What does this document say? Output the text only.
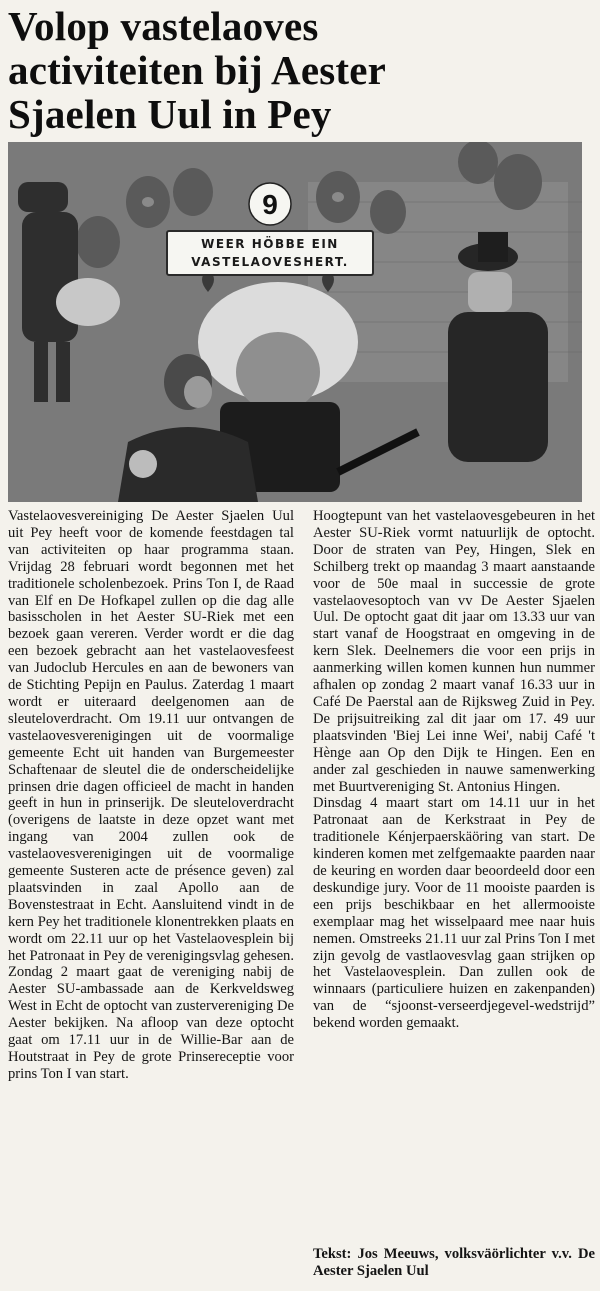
Volop vastelaoves
activiteiten bij Aester
Sjaelen Uul in Pey
9
WEER HÖBBE EIN
VASTELAOVESHERT.

Vastelaovesvereiniging De Aester Sjaelen Uul uit Pey heeft voor de komende feestdagen tal van activiteiten op haar programma staan. Vrijdag 28 februari wordt begonnen met het traditionele scholenbezoek. Prins Ton I, de Raad van Elf en De Hofkapel zullen op die dag alle basisscholen in het Aester SU-Riek met een bezoek gaan vereren. Verder wordt er die dag een bezoek gebracht aan het vastelaovesfeest van Judoclub Hercules en aan de bewoners van de Stichting Pepijn en Paulus. Zaterdag 1 maart wordt er uiteraard deelgenomen aan de sleuteloverdracht. Om 19.11 uur ontvangen de vastelaovesverenigingen uit de voormalige gemeente Echt uit handen van Burgemeester Schaftenaar de sleutel die de onderscheidelijke prinsen drie dagen officieel de macht in handen geeft in hun in prinserijk. De sleuteloverdracht (overigens de laatste in deze opzet want met ingang van 2004 zullen ook de vastelaovesverenigingen uit de voormalige gemeente Susteren acte de présence geven) zal plaatsvinden in zaal Apollo aan de Bovenstestraat in Echt. Aansluitend vindt in de kern Pey het traditionele klonentrekken plaats en wordt om 22.11 uur op het Vastelaovesplein bij het Patronaat in Pey de verenigingsvlag gehesen. Zondag 2 maart gaat de vereniging nabij de Aester SU-ambassade aan de Kerkveldsweg West in Echt de optocht van zustervereniging De Aester bekijken. Na afloop van deze optocht gaat om 17.11 uur in de Willie-Bar aan de Houtstraat in Pey de grote Prinsereceptie voor prins Ton I van start.

Hoogtepunt van het vastelaovesgebeuren in het Aester SU-Riek vormt natuurlijk de optocht. Door de straten van Pey, Hingen, Slek en Schilberg trekt op maandag 3 maart aanstaande voor de 50e maal in successie de grote vastelaovesoptoch van vv De Aester Sjaelen Uul. De optocht gaat dit jaar om 13.33 uur van start vanaf de Hoogstraat en omgeving in de kern Slek. Deelnemers die voor een prijs in aanmerking willen komen kunnen hun nummer afhalen op zondag 2 maart vanaf 16.33 uur in Café De Paerstal aan de Rijksweg Zuid in Pey. De prijsuitreiking zal dit jaar om 17. 49 uur plaatsvinden 'Biej Lei inne Wei', nabij Café 't Hènge aan Op den Dijk te Hingen. Een en ander zal geschieden in nauwe samenwerking met Buurtvereniging St. Antonius Hingen.

Dinsdag 4 maart start om 14.11 uur in het Patronaat aan de Kerkstraat in Pey de traditionele Kénjerpaerskäöring van start. De kinderen komen met zelfgemaakte paarden naar de keuring en worden daar beoordeeld door een deskundige jury. Voor de 11 mooiste paarden is een prijs beschikbaar en het allermooiste exemplaar mag het wisselpaard mee naar huis nemen. Omstreeks 21.11 uur zal Prins Ton I met zijn gevolg de vastlaovesvlag gaan strijken op het Vastelaovesplein. Dan zullen ook de winnaars (particuliere huizen en zakenpanden) van de “sjoonst-verseerdjegevel-wedstrijd” bekend worden gemaakt.

Tekst: Jos Meeuws, volksväörlichter v.v. De Aester Sjaelen Uul
